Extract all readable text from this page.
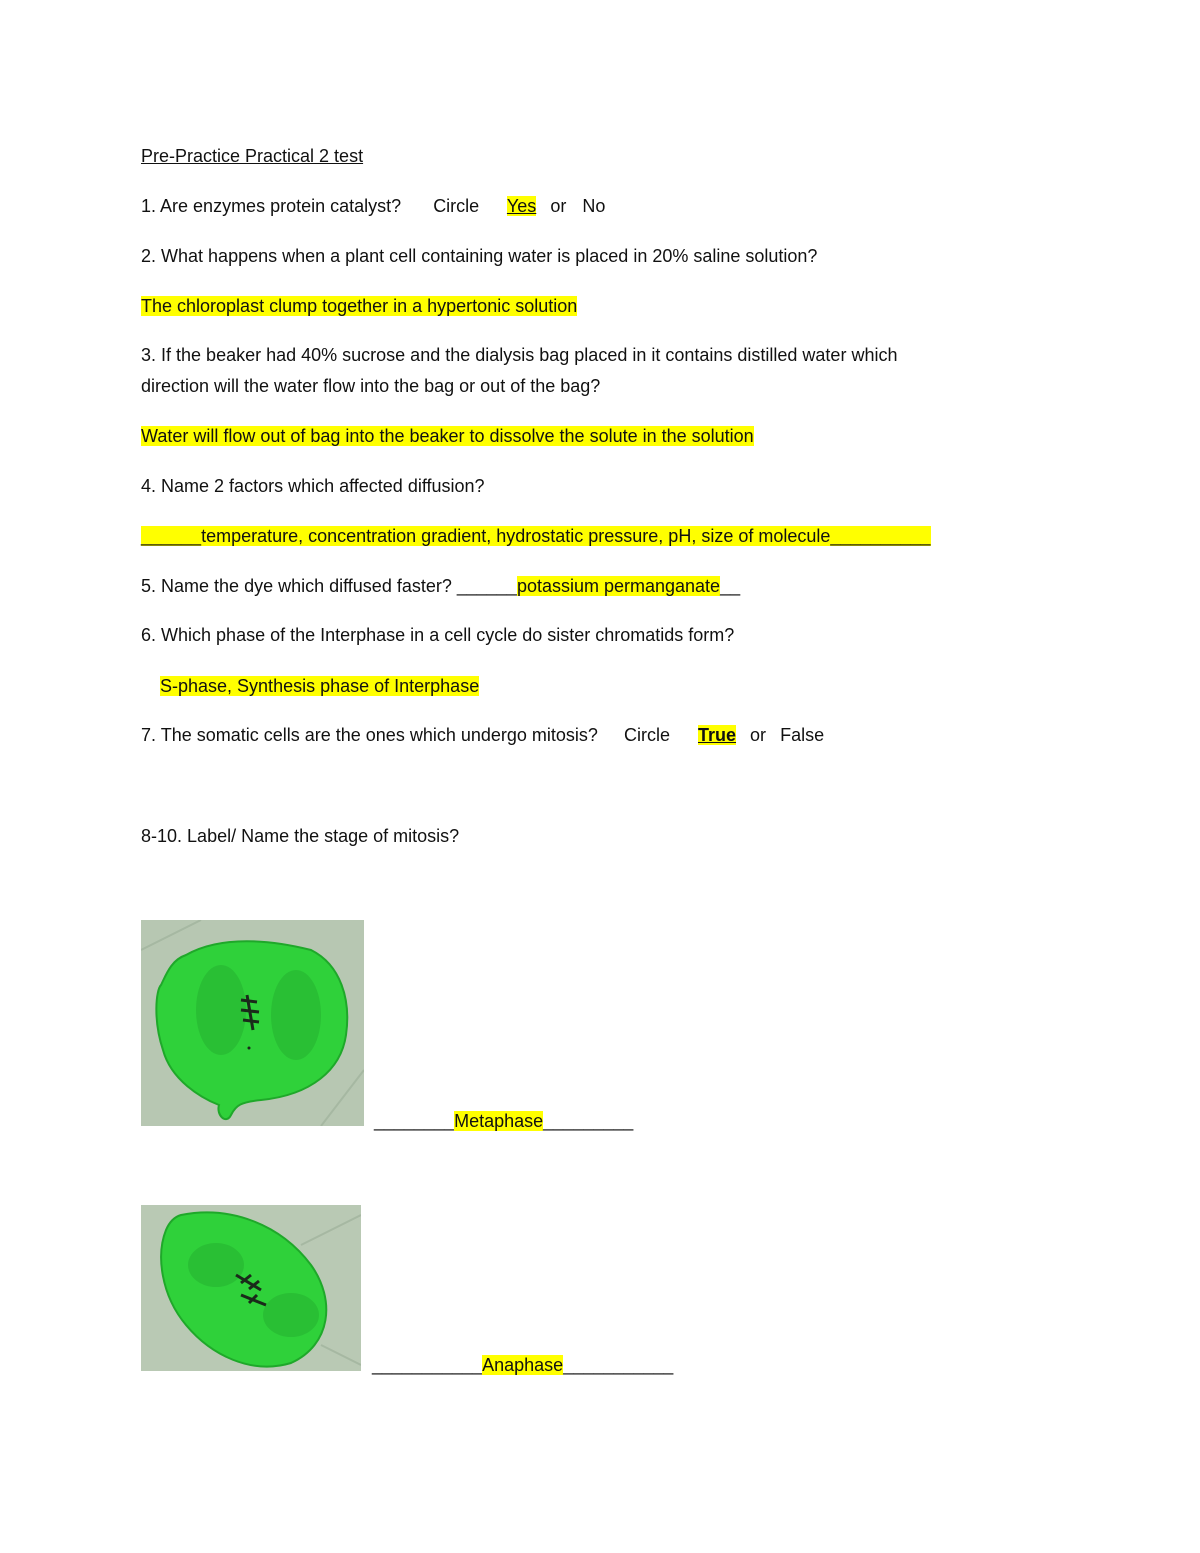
Pre-Practice Practical 2 test
1. Are enzymes protein catalyst? Circle Yes or No
2. What happens when a plant cell containing water is placed in 20% saline solution?
The chloroplast clump together in a hypertonic solution
3. If the beaker had 40% sucrose and the dialysis bag placed in it contains distilled water which
direction will the water flow into the bag or out of the bag?
Water will flow out of bag into the beaker to dissolve the solute in the solution
4. Name 2 factors which affected diffusion?
______temperature, concentration gradient, hydrostatic pressure, pH, size of molecule__________
5. Name the dye which diffused faster? ______potassium permanganate__
6. Which phase of the Interphase in a cell cycle do sister chromatids form?
S-phase, Synthesis phase of Interphase
7. The somatic cells are the ones which undergo mitosis? Circle True or False
8-10. Label/ Name the stage of mitosis?
________Metaphase_________
___________Anaphase___________
